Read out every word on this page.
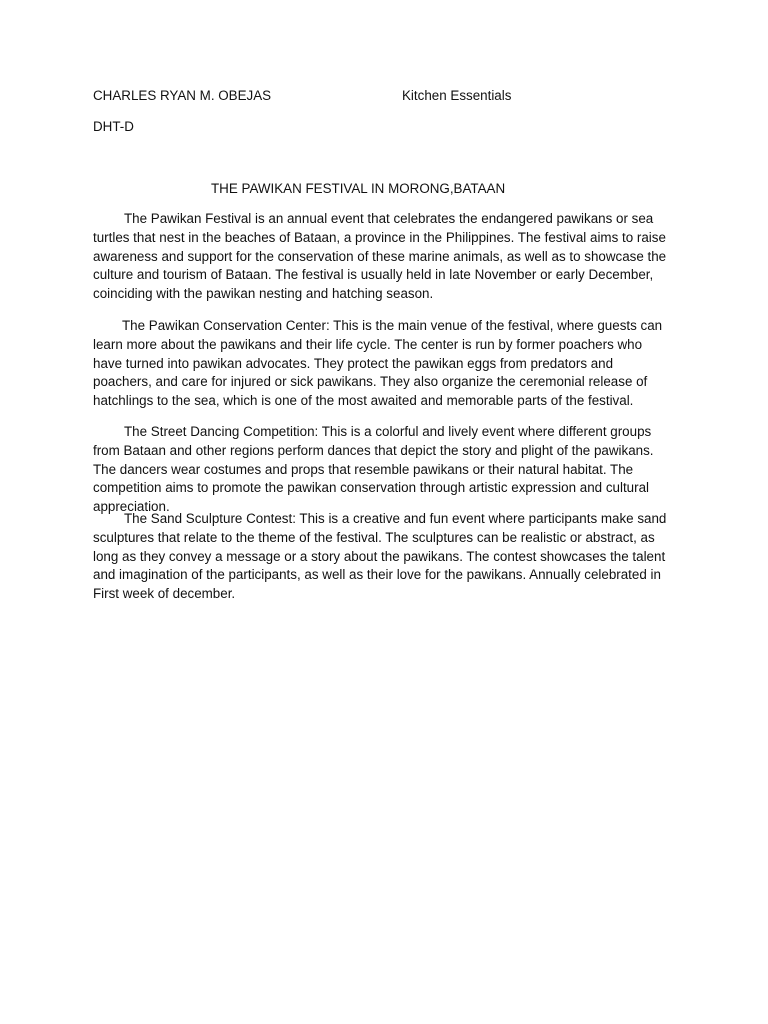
CHARLES RYAN M. OBEJAS	Kitchen Essentials
DHT-D
THE PAWIKAN FESTIVAL IN MORONG,BATAAN

The Pawikan Festival is an annual event that celebrates the endangered pawikans or sea turtles that nest in the beaches of Bataan, a province in the Philippines. The festival aims to raise awareness and support for the conservation of these marine animals, as well as to showcase the culture and tourism of Bataan. The festival is usually held in late November or early December, coinciding with the pawikan nesting and hatching season.

The Pawikan Conservation Center: This is the main venue of the festival, where guests can learn more about the pawikans and their life cycle. The center is run by former poachers who have turned into pawikan advocates. They protect the pawikan eggs from predators and poachers, and care for injured or sick pawikans. They also organize the ceremonial release of hatchlings to the sea, which is one of the most awaited and memorable parts of the festival.

The Street Dancing Competition: This is a colorful and lively event where different groups from Bataan and other regions perform dances that depict the story and plight of the pawikans. The dancers wear costumes and props that resemble pawikans or their natural habitat. The competition aims to promote the pawikan conservation through artistic expression and cultural appreciation.

The Sand Sculpture Contest: This is a creative and fun event where participants make sand sculptures that relate to the theme of the festival. The sculptures can be realistic or abstract, as long as they convey a message or a story about the pawikans. The contest showcases the talent and imagination of the participants, as well as their love for the pawikans. Annually celebrated in First week of december.
